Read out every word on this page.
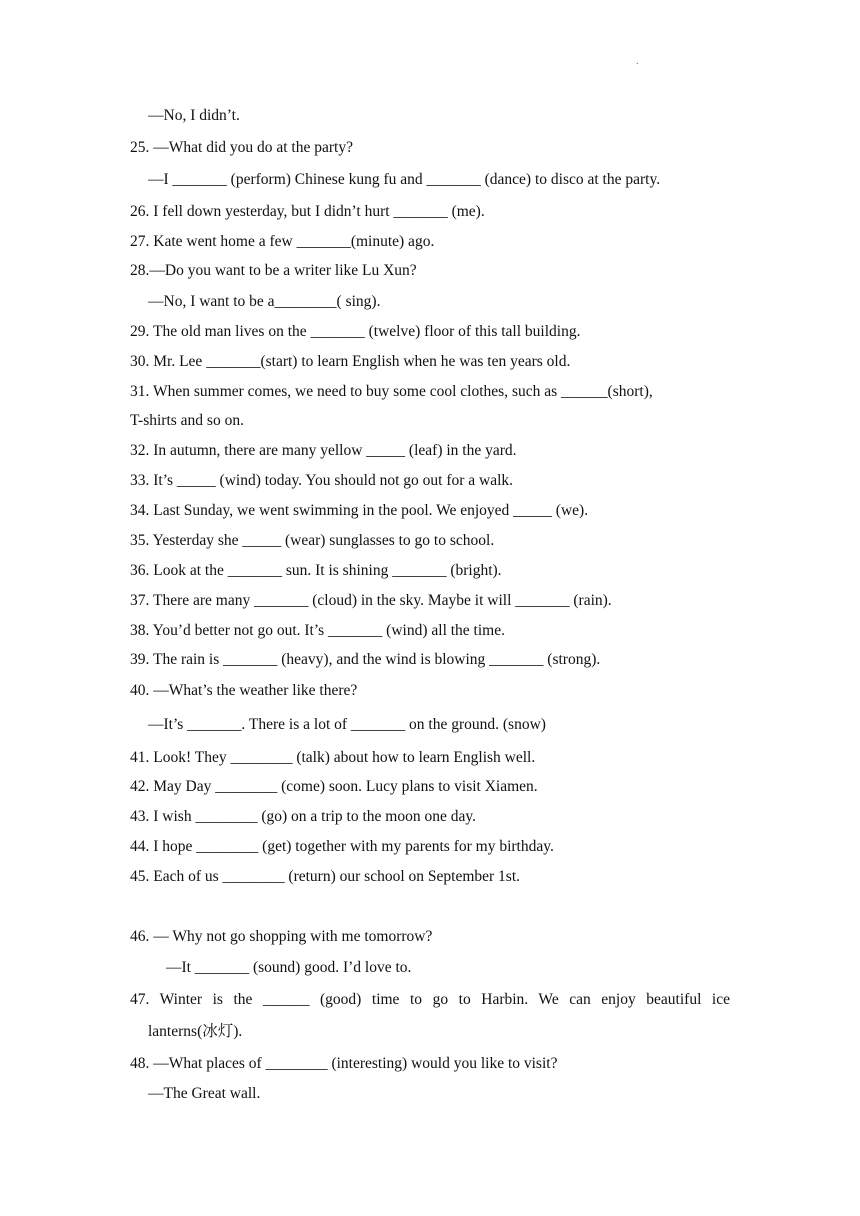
.
—No, I didn’t.
25. —What did you do at the party?
—I _______ (perform) Chinese kung fu and _______ (dance) to disco at the party.
26. I fell down yesterday, but I didn’t hurt _______ (me).
27. Kate went home a few _______(minute) ago.
28.—Do you want to be a writer like Lu Xun?
—No, I want to be a________( sing).
29. The old man lives on the _______ (twelve) floor of this tall building.
30. Mr. Lee _______(start) to learn English when he was ten years old.
31. When summer comes, we need to buy some cool clothes, such as ______(short),
T-shirts and so on.
32. In autumn, there are many yellow _____ (leaf) in the yard.
33. It’s _____ (wind) today. You should not go out for a walk.
34. Last Sunday, we went swimming in the pool. We enjoyed _____ (we).
35. Yesterday she _____ (wear) sunglasses to go to school.
36. Look at the _______ sun. It is shining _______ (bright).
37. There are many _______ (cloud) in the sky. Maybe it will _______ (rain).
38. You’d better not go out. It’s _______ (wind) all the time.
39. The rain is _______ (heavy), and the wind is blowing _______ (strong).
40. —What’s the weather like there?
—It’s _______. There is a lot of _______ on the ground. (snow)
41. Look! They ________ (talk) about how to learn English well.
42. May Day ________ (come) soon. Lucy plans to visit Xiamen.
43. I wish ________ (go) on a trip to the moon one day.
44. I hope ________ (get) together with my parents for my birthday.
45. Each of us ________ (return) our school on September 1st.
46. — Why not go shopping with me tomorrow?
—It _______ (sound) good. I’d love to.
47. Winter is the ______ (good) time to go to Harbin. We can enjoy beautiful ice
lanterns(冰灯).
48. —What places of ________ (interesting) would you like to visit?
—The Great wall.
